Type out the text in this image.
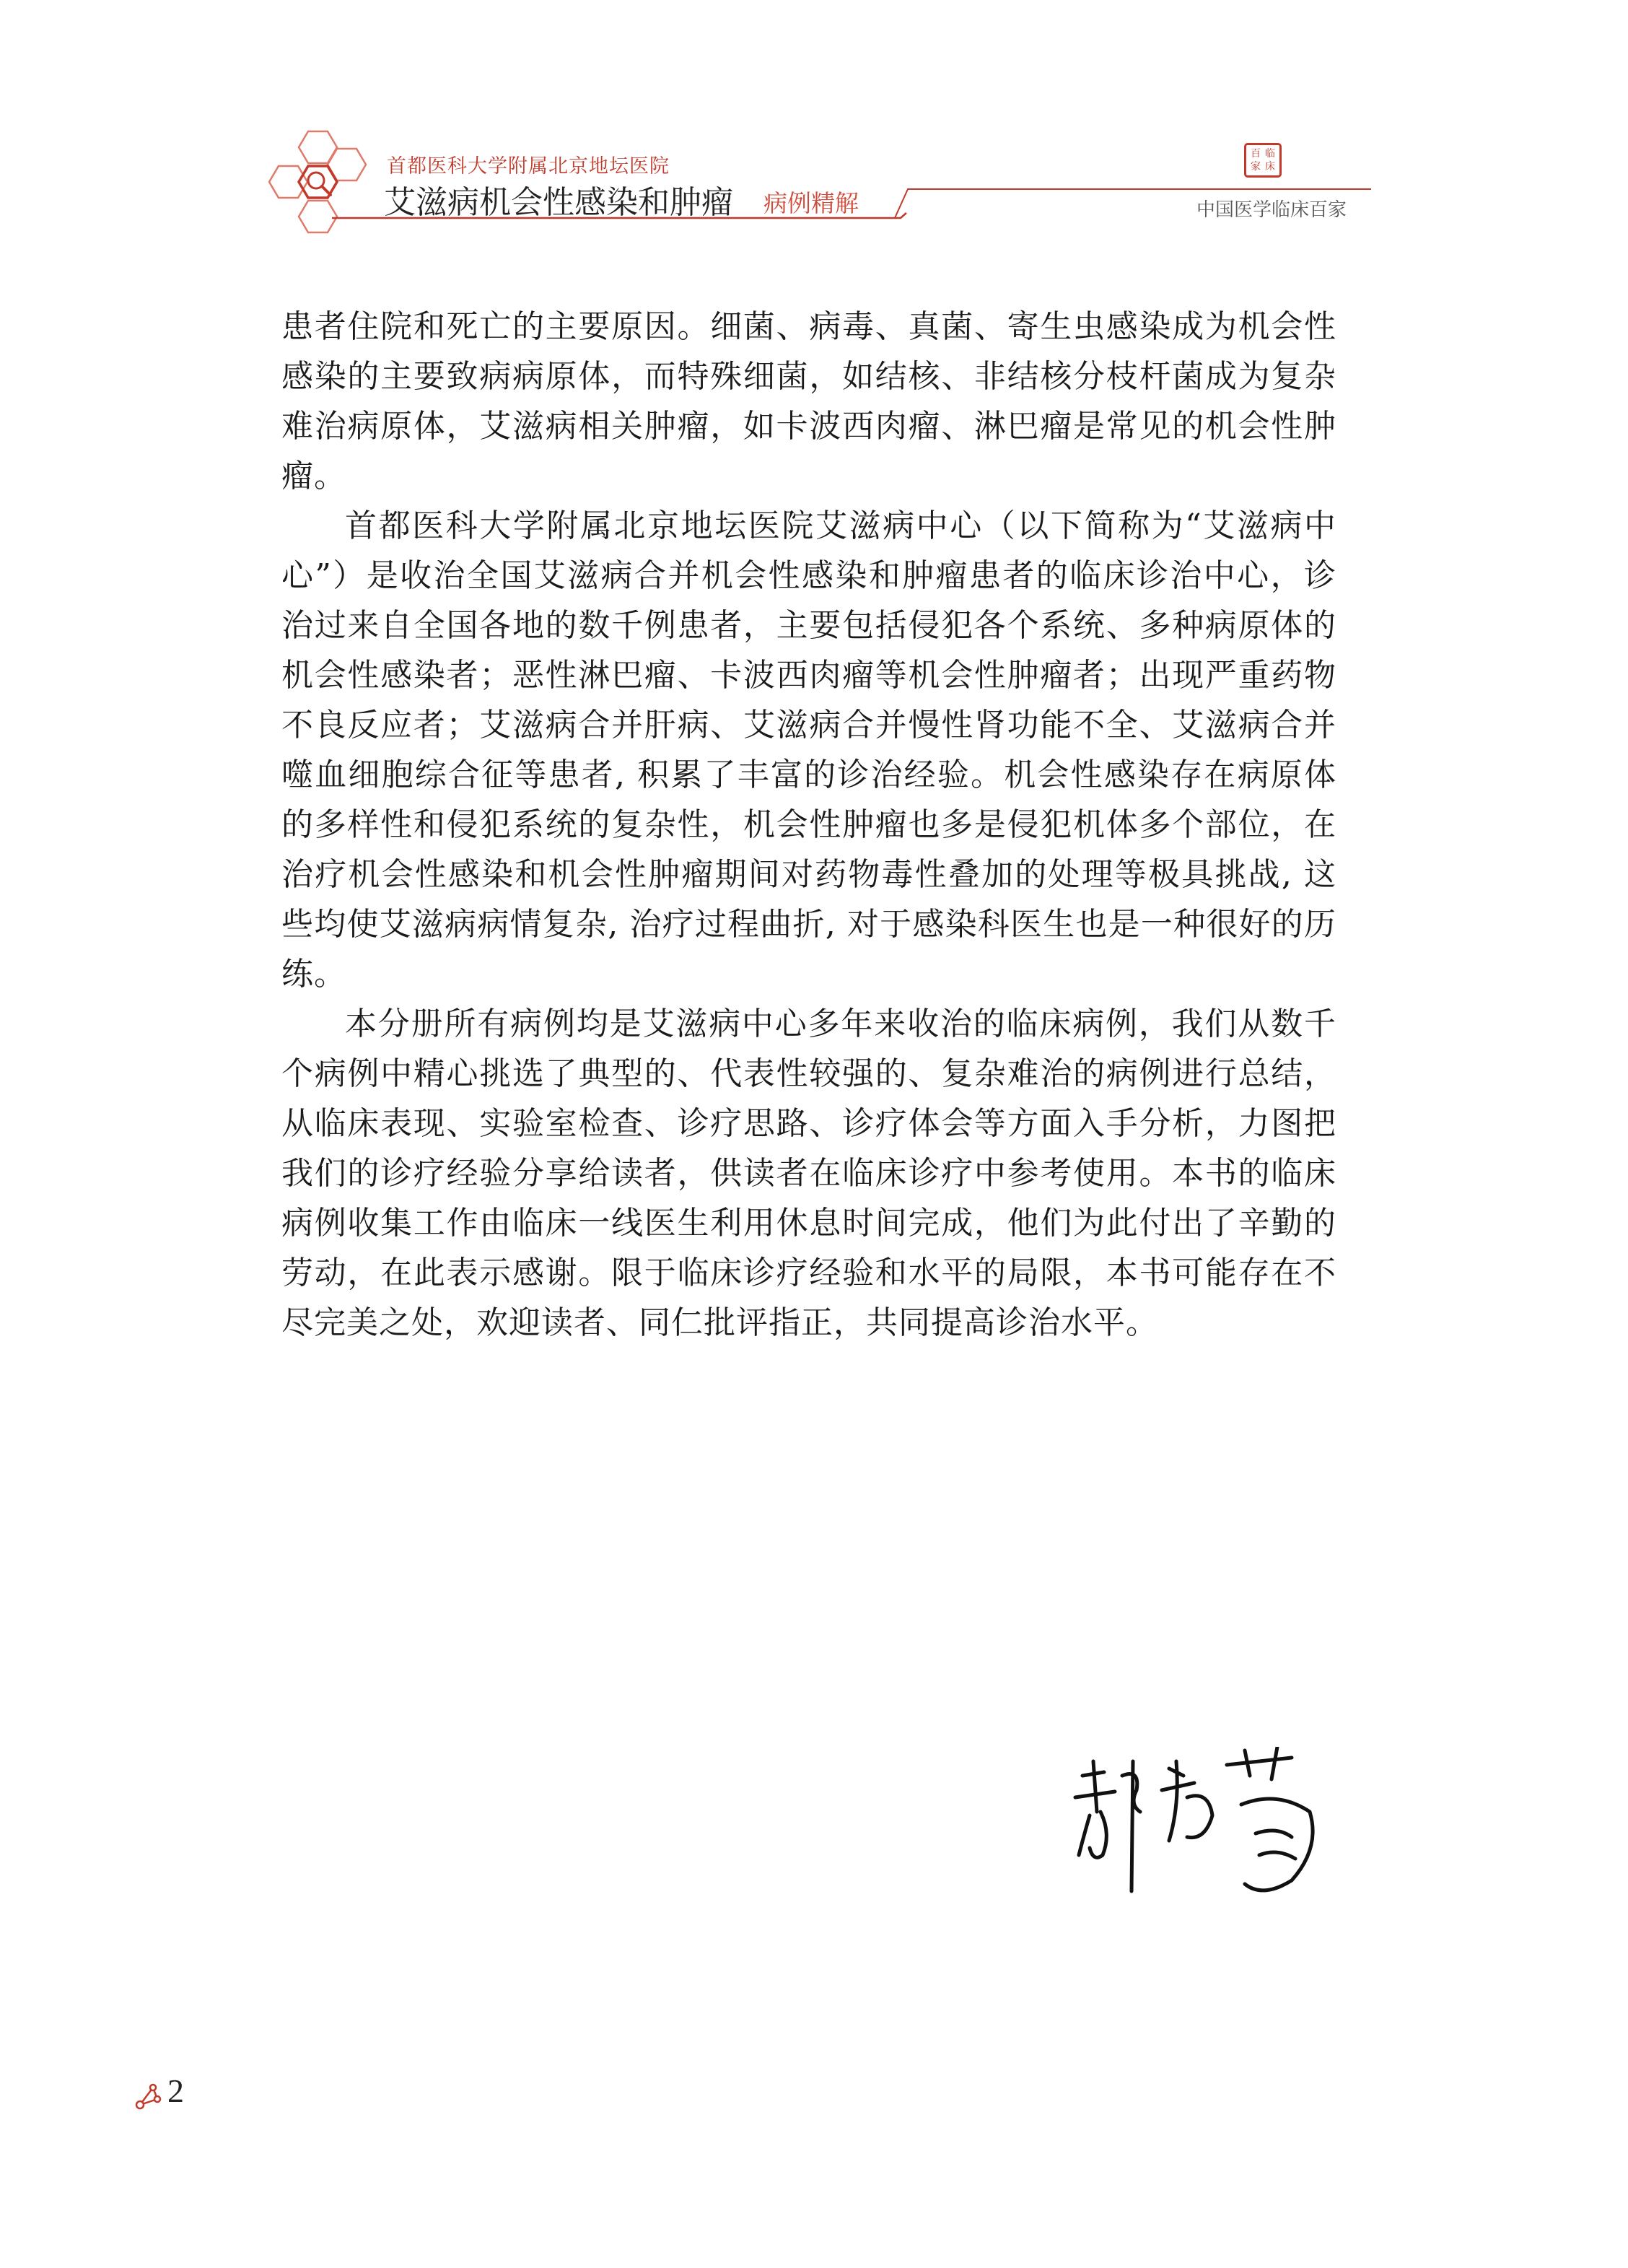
首都医科大学附属北京地坛医院
艾滋病机会性感染和肿瘤 病例精解
百 临
家 床
中国医学临床百家

患者住院和死亡的主要原因。细菌、病毒、真菌、寄生虫感染成为机会性感染的主要致病病原体，而特殊细菌，如结核、非结核分枝杆菌成为复杂难治病原体，艾滋病相关肿瘤，如卡波西肉瘤、淋巴瘤是常见的机会性肿瘤。

首都医科大学附属北京地坛医院艾滋病中心（以下简称为“艾滋病中心”）是收治全国艾滋病合并机会性感染和肿瘤患者的临床诊治中心，诊治过来自全国各地的数千例患者，主要包括侵犯各个系统、多种病原体的机会性感染者；恶性淋巴瘤、卡波西肉瘤等机会性肿瘤者；出现严重药物不良反应者；艾滋病合并肝病、艾滋病合并慢性肾功能不全、艾滋病合并噬血细胞综合征等患者, 积累了丰富的诊治经验。机会性感染存在病原体的多样性和侵犯系统的复杂性，机会性肿瘤也多是侵犯机体多个部位，在治疗机会性感染和机会性肿瘤期间对药物毒性叠加的处理等极具挑战, 这些均使艾滋病病情复杂, 治疗过程曲折, 对于感染科医生也是一种很好的历练。

本分册所有病例均是艾滋病中心多年来收治的临床病例，我们从数千个病例中精心挑选了典型的、代表性较强的、复杂难治的病例进行总结，从临床表现、实验室检查、诊疗思路、诊疗体会等方面入手分析，力图把我们的诊疗经验分享给读者，供读者在临床诊疗中参考使用。本书的临床病例收集工作由临床一线医生利用休息时间完成，他们为此付出了辛勤的劳动，在此表示感谢。限于临床诊疗经验和水平的局限，本书可能存在不尽完美之处，欢迎读者、同仁批评指正，共同提高诊治水平。

2
